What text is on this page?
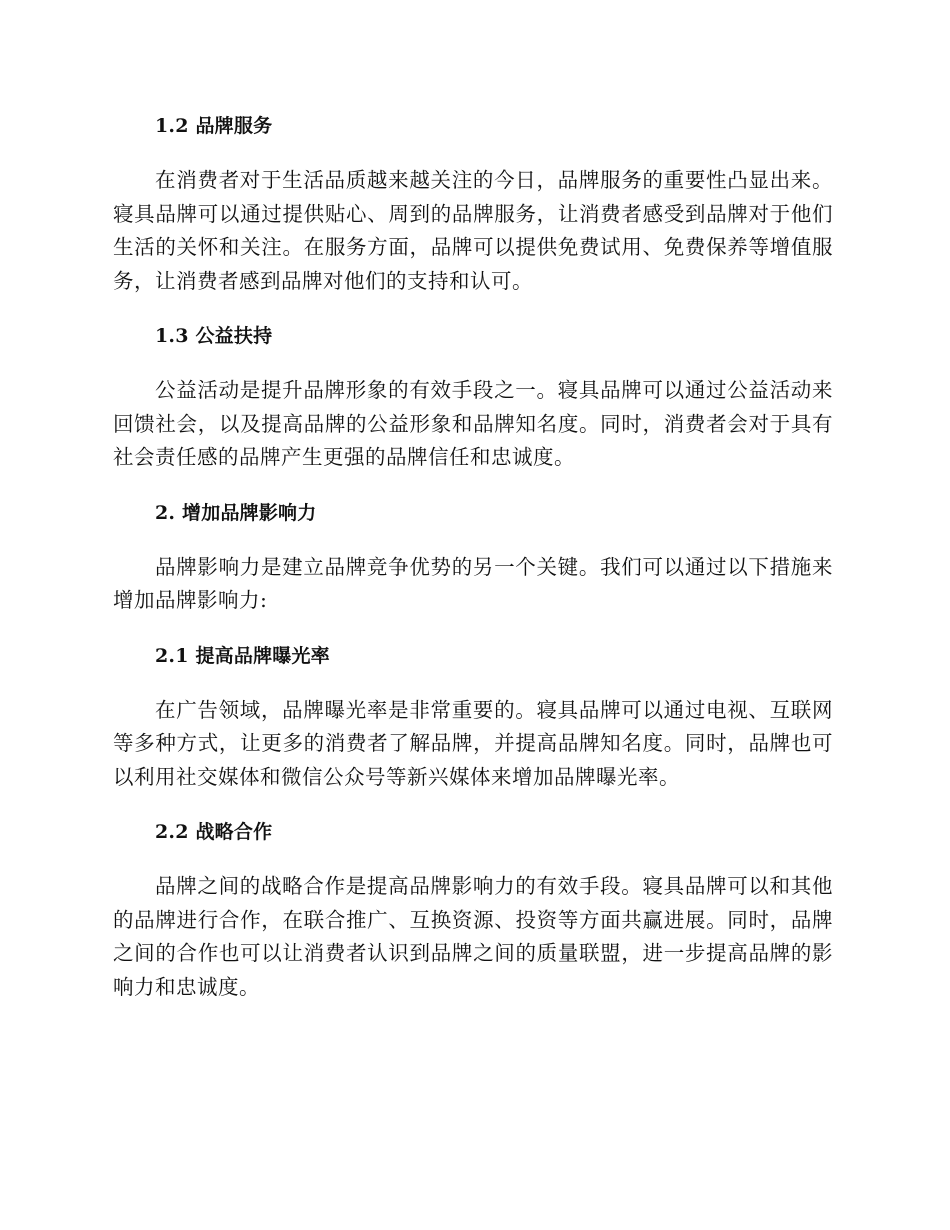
1.2 品牌服务

在消费者对于生活品质越来越关注的今日，品牌服务的重要性凸显出来。寝具品牌可以通过提供贴心、周到的品牌服务，让消费者感受到品牌对于他们生活的关怀和关注。在服务方面，品牌可以提供免费试用、免费保养等增值服务，让消费者感到品牌对他们的支持和认可。

1.3 公益扶持

公益活动是提升品牌形象的有效手段之一。寝具品牌可以通过公益活动来回馈社会，以及提高品牌的公益形象和品牌知名度。同时，消费者会对于具有社会责任感的品牌产生更强的品牌信任和忠诚度。

2. 增加品牌影响力

品牌影响力是建立品牌竞争优势的另一个关键。我们可以通过以下措施来增加品牌影响力:

2.1 提高品牌曝光率

在广告领域，品牌曝光率是非常重要的。寝具品牌可以通过电视、互联网等多种方式，让更多的消费者了解品牌，并提高品牌知名度。同时，品牌也可以利用社交媒体和微信公众号等新兴媒体来增加品牌曝光率。

2.2 战略合作

品牌之间的战略合作是提高品牌影响力的有效手段。寝具品牌可以和其他的品牌进行合作，在联合推广、互换资源、投资等方面共赢进展。同时，品牌之间的合作也可以让消费者认识到品牌之间的质量联盟，进一步提高品牌的影响力和忠诚度。
